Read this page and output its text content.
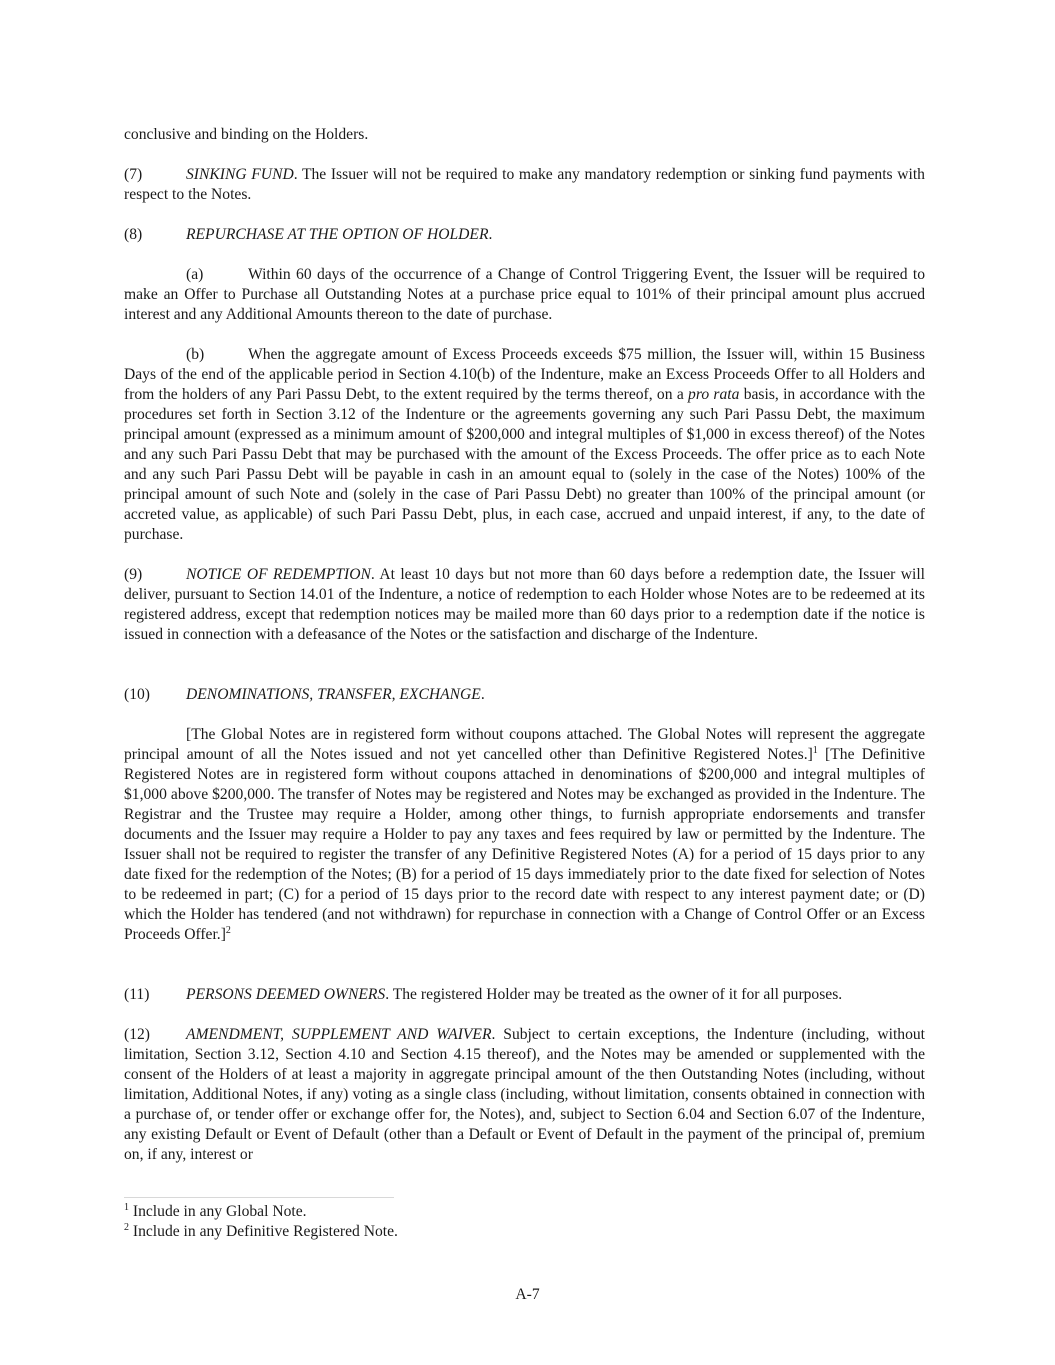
conclusive and binding on the Holders.

(7)	SINKING FUND. The Issuer will not be required to make any mandatory redemption or sinking fund payments with respect to the Notes.

(8)	REPURCHASE AT THE OPTION OF HOLDER.

(a)	Within 60 days of the occurrence of a Change of Control Triggering Event, the Issuer will be required to make an Offer to Purchase all Outstanding Notes at a purchase price equal to 101% of their principal amount plus accrued interest and any Additional Amounts thereon to the date of purchase.

(b)	When the aggregate amount of Excess Proceeds exceeds $75 million, the Issuer will, within 15 Business Days of the end of the applicable period in Section 4.10(b) of the Indenture, make an Excess Proceeds Offer to all Holders and from the holders of any Pari Passu Debt, to the extent required by the terms thereof, on a pro rata basis, in accordance with the procedures set forth in Section 3.12 of the Indenture or the agreements governing any such Pari Passu Debt, the maximum principal amount (expressed as a minimum amount of $200,000 and integral multiples of $1,000 in excess thereof) of the Notes and any such Pari Passu Debt that may be purchased with the amount of the Excess Proceeds. The offer price as to each Note and any such Pari Passu Debt will be payable in cash in an amount equal to (solely in the case of the Notes) 100% of the principal amount of such Note and (solely in the case of Pari Passu Debt) no greater than 100% of the principal amount (or accreted value, as applicable) of such Pari Passu Debt, plus, in each case, accrued and unpaid interest, if any, to the date of purchase.

(9)	NOTICE OF REDEMPTION. At least 10 days but not more than 60 days before a redemption date, the Issuer will deliver, pursuant to Section 14.01 of the Indenture, a notice of redemption to each Holder whose Notes are to be redeemed at its registered address, except that redemption notices may be mailed more than 60 days prior to a redemption date if the notice is issued in connection with a defeasance of the Notes or the satisfaction and discharge of the Indenture.

(10) DENOMINATIONS, TRANSFER, EXCHANGE.

[The Global Notes are in registered form without coupons attached. The Global Notes will represent the aggregate principal amount of all the Notes issued and not yet cancelled other than Definitive Registered Notes.]$^1$ [The Definitive Registered Notes are in registered form without coupons attached in denominations of $200,000 and integral multiples of $1,000 above $200,000. The transfer of Notes may be registered and Notes may be exchanged as provided in the Indenture. The Registrar and the Trustee may require a Holder, among other things, to furnish appropriate endorsements and transfer documents and the Issuer may require a Holder to pay any taxes and fees required by law or permitted by the Indenture. The Issuer shall not be required to register the transfer of any Definitive Registered Notes (A) for a period of 15 days prior to any date fixed for the redemption of the Notes; (B) for a period of 15 days immediately prior to the date fixed for selection of Notes to be redeemed in part; (C) for a period of 15 days prior to the record date with respect to any interest payment date; or (D) which the Holder has tendered (and not withdrawn) for repurchase in connection with a Change of Control Offer or an Excess Proceeds Offer.]$^2$

(11) PERSONS DEEMED OWNERS. The registered Holder may be treated as the owner of it for all purposes.

(12) AMENDMENT, SUPPLEMENT AND WAIVER. Subject to certain exceptions, the Indenture (including, without limitation, Section 3.12, Section 4.10 and Section 4.15 thereof), and the Notes may be amended or supplemented with the consent of the Holders of at least a majority in aggregate principal amount of the then Outstanding Notes (including, without limitation, Additional Notes, if any) voting as a single class (including, without limitation, consents obtained in connection with a purchase of, or tender offer or exchange offer for, the Notes), and, subject to Section 6.04 and Section 6.07 of the Indenture, any existing Default or Event of Default (other than a Default or Event of Default in the payment of the principal of, premium on, if any, interest or

$^1$ Include in any Global Note.

$^2$ Include in any Definitive Registered Note.

A-7
